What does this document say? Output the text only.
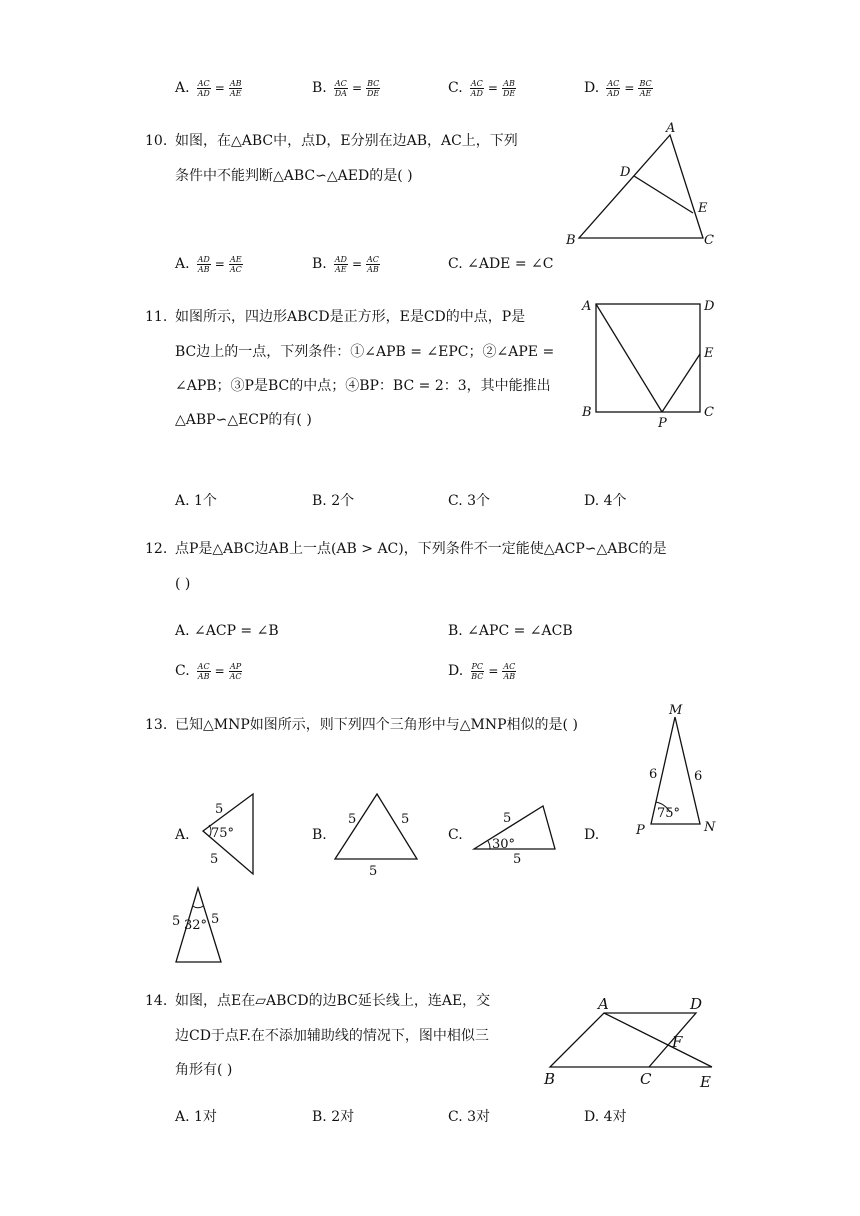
A. $\frac{AC}{AD} = \frac{AB}{AE}$	B. $\frac{AC}{DA} = \frac{BC}{DE}$	C. $\frac{AC}{AD} = \frac{AB}{DE}$	D. $\frac{AC}{AD} = \frac{BC}{AE}$
10. 如图，在△ABC中，点D，E分别在边AB，AC上，下列
条件中不能判断△ABC∽△AED的是( )
A
B	C
D
E
A. $\frac{AD}{AB} = \frac{AE}{AC}$	B. $\frac{AD}{AE} = \frac{AC}{AB}$	C. ∠ADE = ∠C
11. 如图所示，四边形ABCD是正方形，E是CD的中点，P是
BC边上的一点，下列条件：①∠APB = ∠EPC；②∠APE =
∠APB；③P是BC的中点；④BP：BC = 2：3，其中能推出
△ABP∽△ECP的有( )
A	D
E
B	C
P
A. 1个	B. 2个	C. 3个	D. 4个
12. 点P是△ABC边AB上一点(AB > AC)，下列条件不一定能使△ACP∽△ABC的是
( )
A. ∠ACP = ∠B	B. ∠APC = ∠ACB
C. $\frac{AC}{AB} = \frac{AP}{AC}$	D. $\frac{PC}{BC} = \frac{AC}{AB}$
13. 已知△MNP如图所示，则下列四个三角形中与△MNP相似的是( )
M
P	N
6	6
75°
A.
5
5
75°	B.
5	5
5
C.
5
5
30°
D.
5 5
32°
14. 如图，点E在▱ABCD的边BC延长线上，连AE，交
边CD于点F.在不添加辅助线的情况下，图中相似三
角形有( )
A	D
F
B	C	E
A. 1对	B. 2对	C. 3对	D. 4对
